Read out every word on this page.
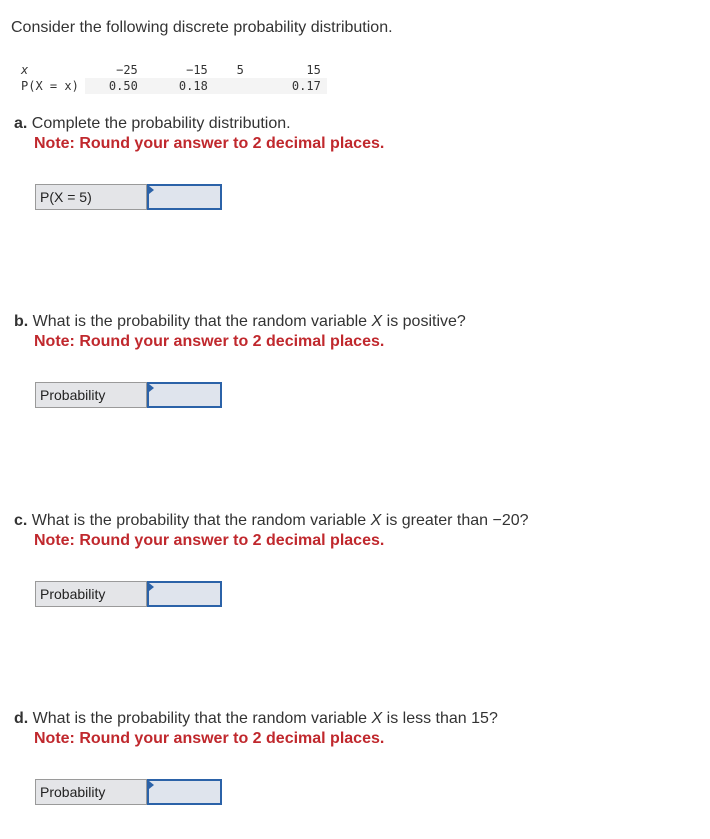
Consider the following discrete probability distribution.
x	−25	−15	5	15
P(X = x)	0.50	0.18		0.17
a. Complete the probability distribution.
Note: Round your answer to 2 decimal places.
P(X = 5)
b. What is the probability that the random variable X is positive?
Note: Round your answer to 2 decimal places.
Probability
c. What is the probability that the random variable X is greater than −20?
Note: Round your answer to 2 decimal places.
Probability
d. What is the probability that the random variable X is less than 15?
Note: Round your answer to 2 decimal places.
Probability
